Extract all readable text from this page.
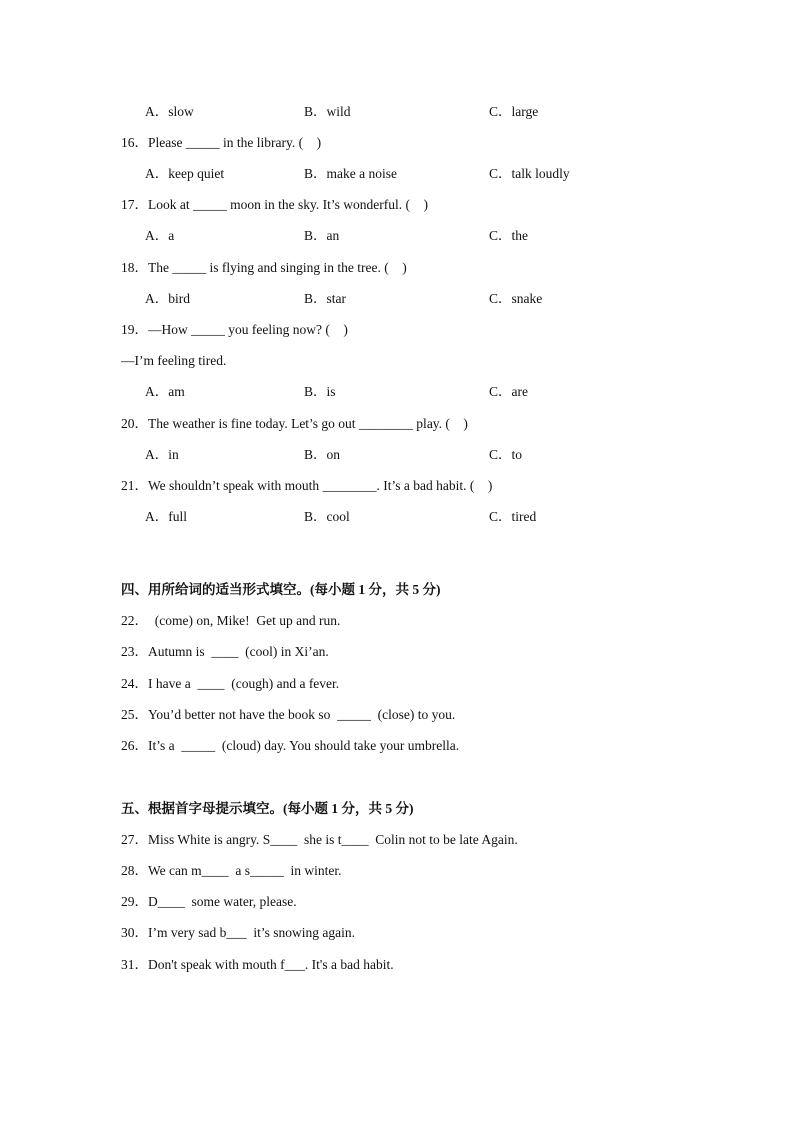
A．slow	B．wild	C．large
16．Please _____ in the library. (    )
A．keep quiet	B．make a noise	C．talk loudly
17．Look at _____ moon in the sky. It’s wonderful. (    )
A．a	B．an	C．the
18．The _____ is flying and singing in the tree. (    )
A．bird	B．star	C．snake
19．—How _____ you feeling now? (    )
—I’m feeling tired.
A．am	B．is	C．are
20．The weather is fine today. Let’s go out ________ play. (    )
A．in	B．on	C．to
21．We shouldn’t speak with mouth ________. It’s a bad habit. (    )
A．full	B．cool	C．tired
四、用所给词的适当形式填空。(每小题 1 分，共 5 分)
22．  (come) on, Mike!  Get up and run.
23．Autumn is  ____  (cool) in Xi’an.
24．I have a  ____  (cough) and a fever.
25．You’d better not have the book so  _____  (close) to you.
26．It’s a  _____  (cloud) day. You should take your umbrella.
五、根据首字母提示填空。(每小题 1 分，共 5 分)
27．Miss White is angry. S____  she is t____  Colin not to be late Again.
28．We can m____  a s_____  in winter.
29．D____  some water, please.
30．I’m very sad b___  it’s snowing again.
31．Don't speak with mouth f___. It's a bad habit.
